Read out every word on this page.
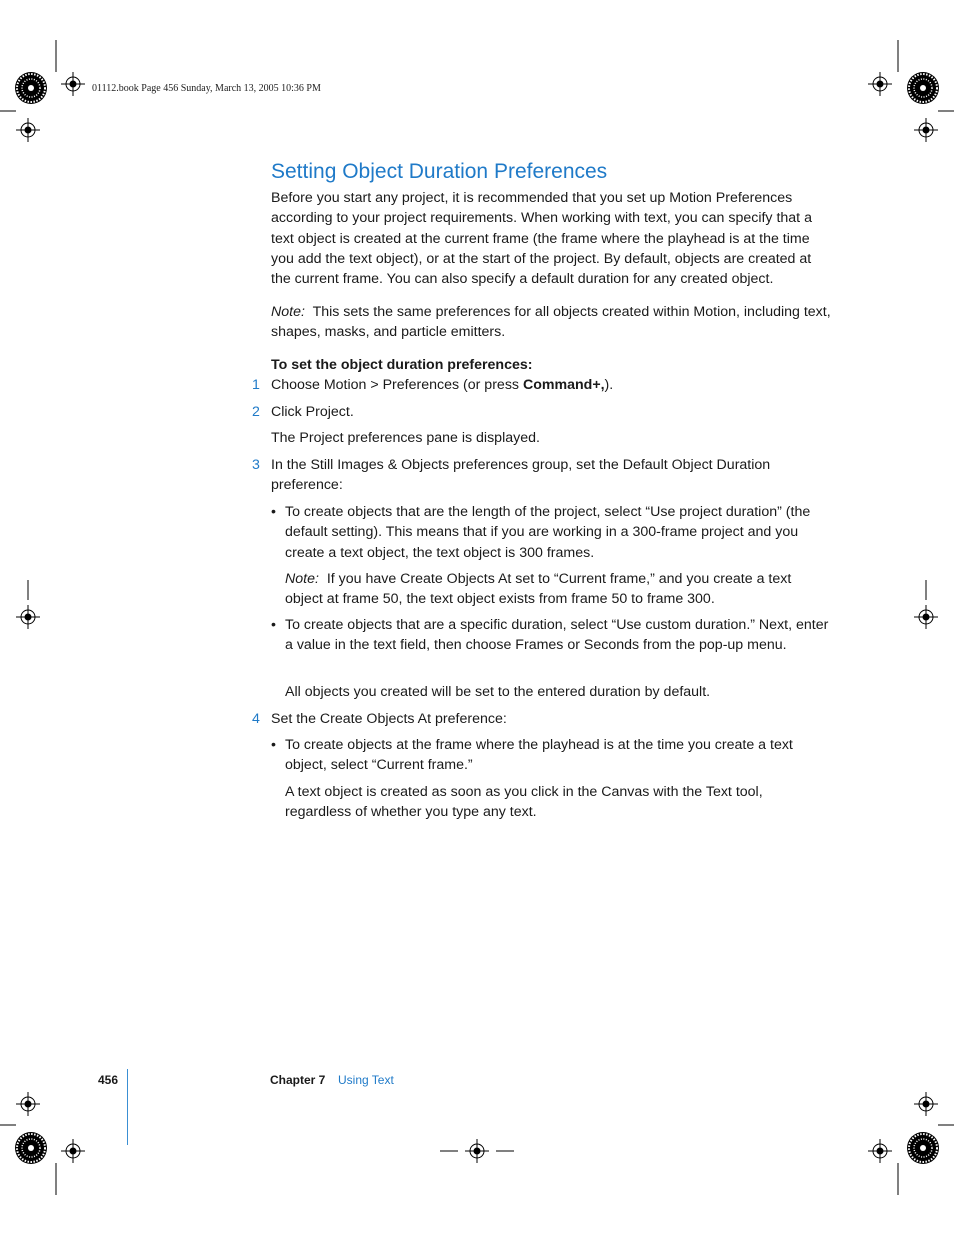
01112.book Page 456 Sunday, March 13, 2005 10:36 PM
Setting Object Duration Preferences

Before you start any project, it is recommended that you set up Motion Preferences according to your project requirements. When working with text, you can specify that a text object is created at the current frame (the frame where the playhead is at the time you add the text object), or at the start of the project. By default, objects are created at the current frame. You can also specify a default duration for any created object.

Note: This sets the same preferences for all objects created within Motion, including text, shapes, masks, and particle emitters.

To set the object duration preferences:

1 Choose Motion > Preferences (or press Command+,).

2 Click Project.

The Project preferences pane is displayed.

3 In the Still Images & Objects preferences group, set the Default Object Duration preference:

• To create objects that are the length of the project, select “Use project duration” (the default setting). This means that if you are working in a 300-frame project and you create a text object, the text object is 300 frames.

Note: If you have Create Objects At set to “Current frame,” and you create a text object at frame 50, the text object exists from frame 50 to frame 300.

• To create objects that are a specific duration, select “Use custom duration.” Next, enter a value in the text field, then choose Frames or Seconds from the pop-up menu.

All objects you created will be set to the entered duration by default.

4 Set the Create Objects At preference:

• To create objects at the frame where the playhead is at the time you create a text object, select “Current frame.”

A text object is created as soon as you click in the Canvas with the Text tool, regardless of whether you type any text.

456	Chapter 7 Using Text
